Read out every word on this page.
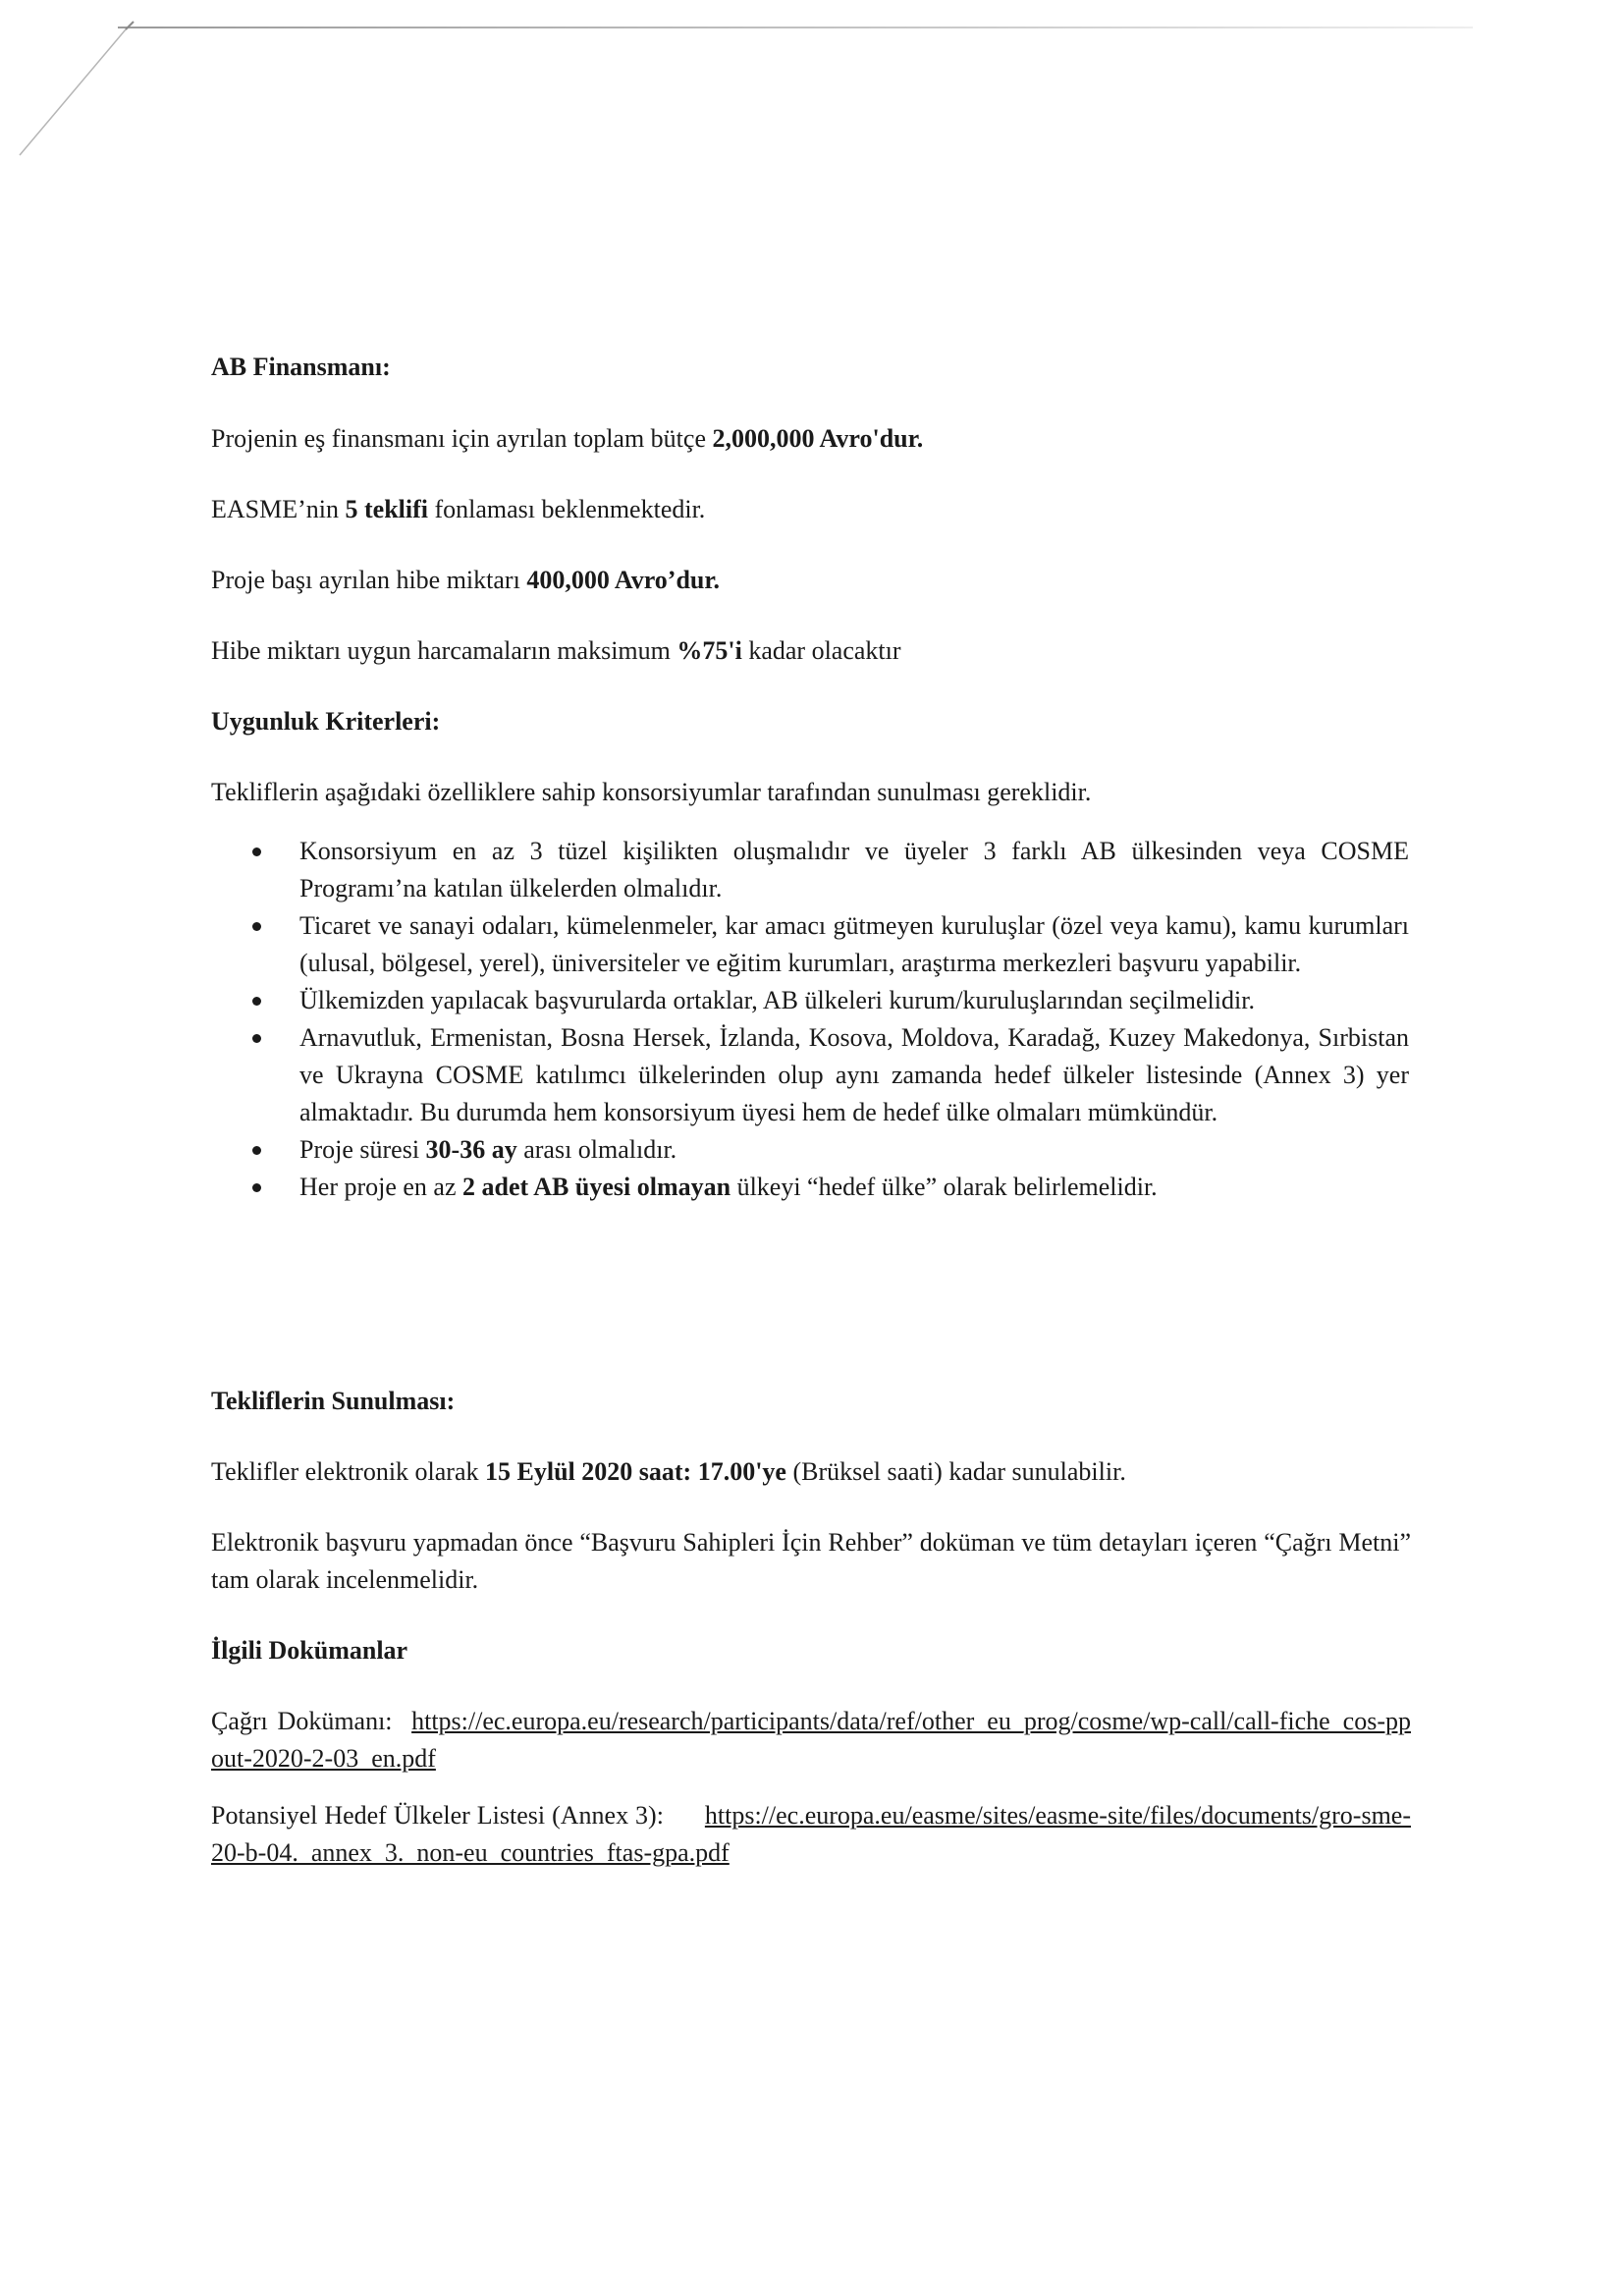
AB Finansmanı:
Projenin eş finansmanı için ayrılan toplam bütçe 2,000,000 Avro'dur.
EASME’nin 5 teklifi fonlaması beklenmektedir.
Proje başı ayrılan hibe miktarı 400,000 Avro’dur.
Hibe miktarı uygun harcamaların maksimum %75'i kadar olacaktır
Uygunluk Kriterleri:
Tekliflerin aşağıdaki özelliklere sahip konsorsiyumlar tarafından sunulması gereklidir.
Konsorsiyum en az 3 tüzel kişilikten oluşmalıdır ve üyeler 3 farklı AB ülkesinden veya COSME Programı’na katılan ülkelerden olmalıdır.
Ticaret ve sanayi odaları, kümelenmeler, kar amacı gütmeyen kuruluşlar (özel veya kamu), kamu kurumları (ulusal, bölgesel, yerel), üniversiteler ve eğitim kurumları, araştırma merkezleri başvuru yapabilir.
Ülkemizden yapılacak başvurularda ortaklar, AB ülkeleri kurum/kuruluşlarından seçilmelidir.
Arnavutluk, Ermenistan, Bosna Hersek, İzlanda, Kosova, Moldova, Karadağ, Kuzey Makedonya, Sırbistan ve Ukrayna COSME katılımcı ülkelerinden olup aynı zamanda hedef ülkeler listesinde (Annex 3) yer almaktadır. Bu durumda hem konsorsiyum üyesi hem de hedef ülke olmaları mümkündür.
Proje süresi 30-36 ay arası olmalıdır.
Her proje en az 2 adet AB üyesi olmayan ülkeyi “hedef ülke” olarak belirlemelidir.
Tekliflerin Sunulması:
Teklifler elektronik olarak 15 Eylül 2020 saat: 17.00'ye (Brüksel saati) kadar sunulabilir.
Elektronik başvuru yapmadan önce “Başvuru Sahipleri İçin Rehber” doküman ve tüm detayları içeren “Çağrı Metni” tam olarak incelenmelidir.
İlgili Dokümanlar
Çağrı Dokümanı: https://ec.europa.eu/research/participants/data/ref/other_eu_prog/cosme/wp-call/call-fiche_cos-ppout-2020-2-03_en.pdf
Potansiyel Hedef Ülkeler Listesi (Annex 3): https://ec.europa.eu/easme/sites/easme-site/files/documents/gro-sme-20-b-04._annex_3._non-eu_countries_ftas-gpa.pdf
